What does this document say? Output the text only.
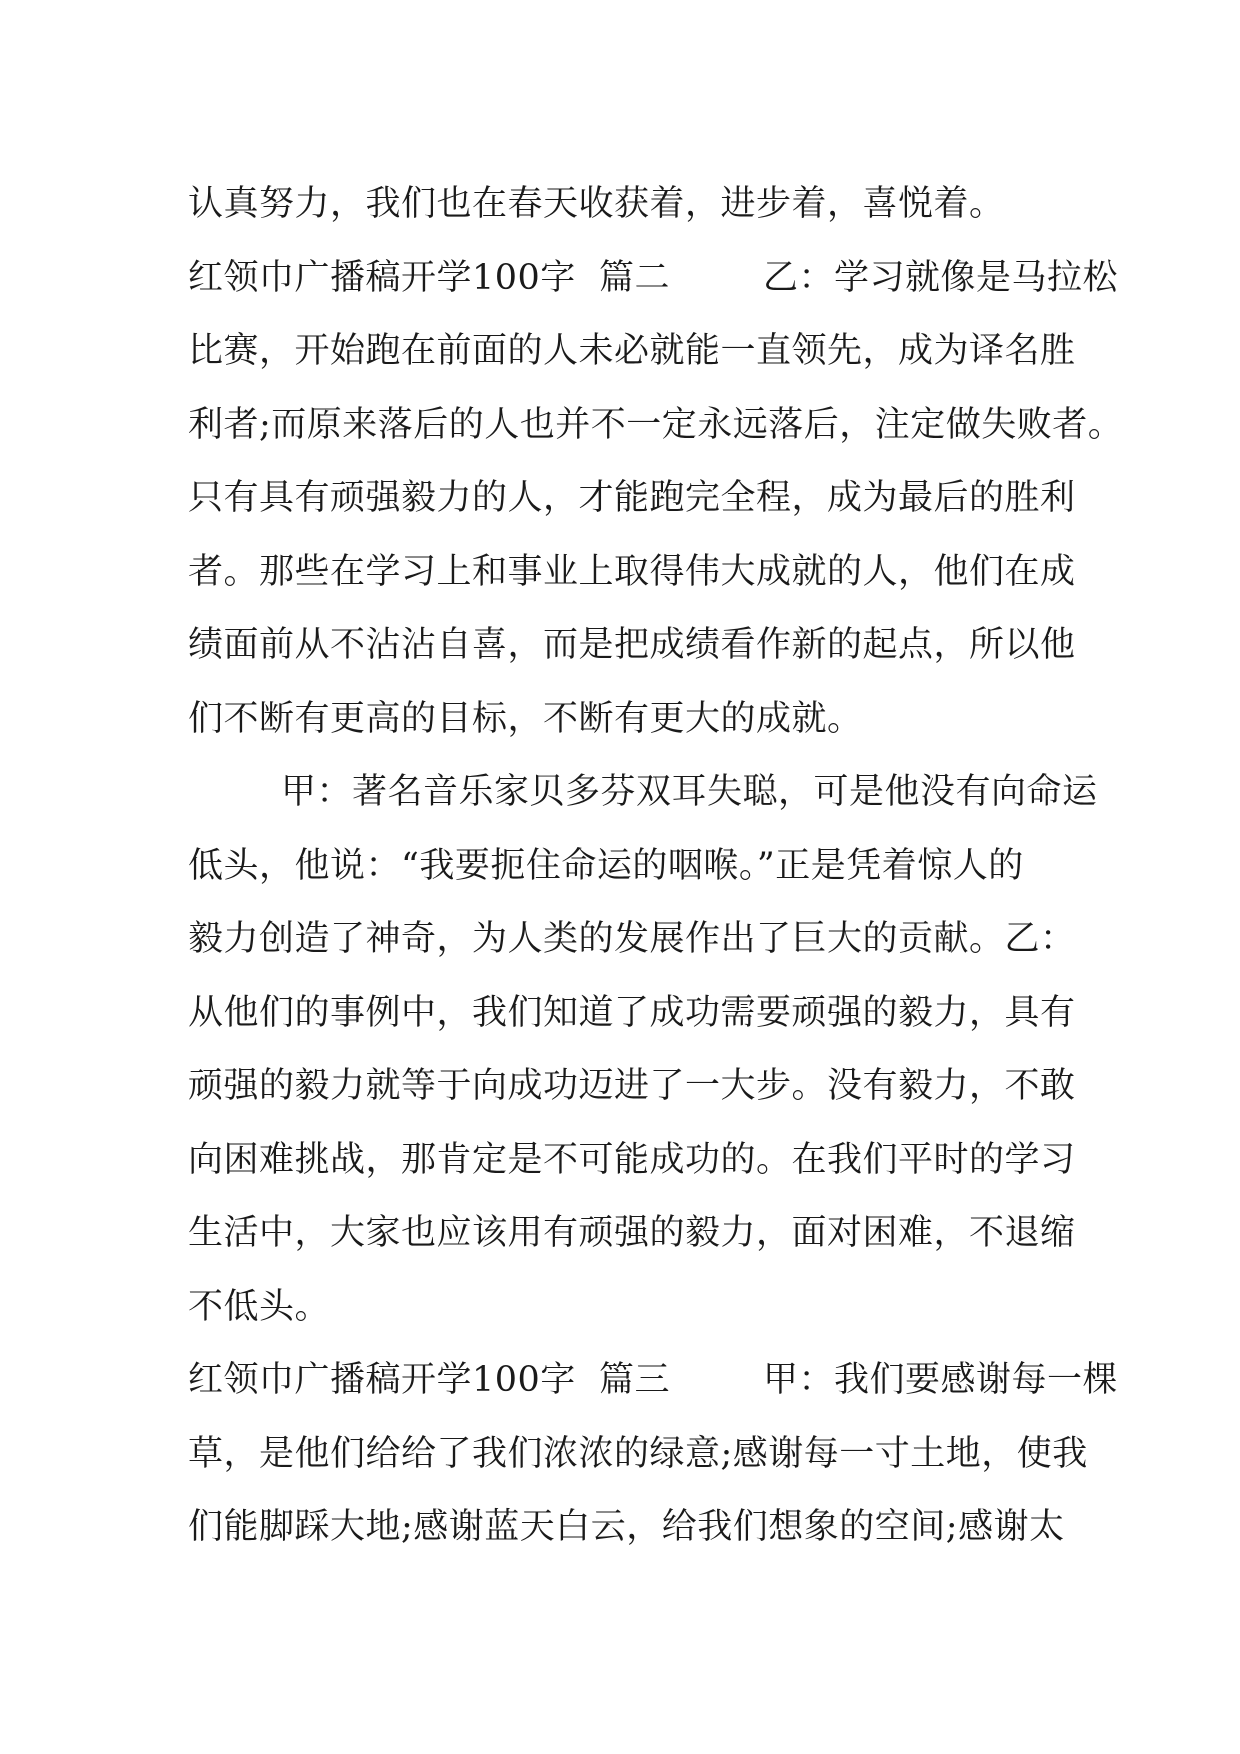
认真努力，我们也在春天收获着，进步着，喜悦着。
红领巾广播稿开学100字  篇二        乙：学习就像是马拉松
比赛，开始跑在前面的人未必就能一直领先，成为译名胜
利者;而原来落后的人也并不一定永远落后，注定做失败者。
只有具有顽强毅力的人，才能跑完全程，成为最后的胜利
者。那些在学习上和事业上取得伟大成就的人，他们在成
绩面前从不沾沾自喜，而是把成绩看作新的起点，所以他
们不断有更高的目标，不断有更大的成就。
甲：著名音乐家贝多芬双耳失聪，可是他没有向命运
低头，他说：“我要扼住命运的咽喉。”正是凭着惊人的
毅力创造了神奇，为人类的发展作出了巨大的贡献。乙：
从他们的事例中，我们知道了成功需要顽强的毅力，具有
顽强的毅力就等于向成功迈进了一大步。没有毅力，不敢
向困难挑战，那肯定是不可能成功的。在我们平时的学习
生活中，大家也应该用有顽强的毅力，面对困难，不退缩
不低头。
红领巾广播稿开学100字  篇三        甲：我们要感谢每一棵
草，是他们给给了我们浓浓的绿意;感谢每一寸土地，使我
们能脚踩大地;感谢蓝天白云，给我们想象的空间;感谢太
